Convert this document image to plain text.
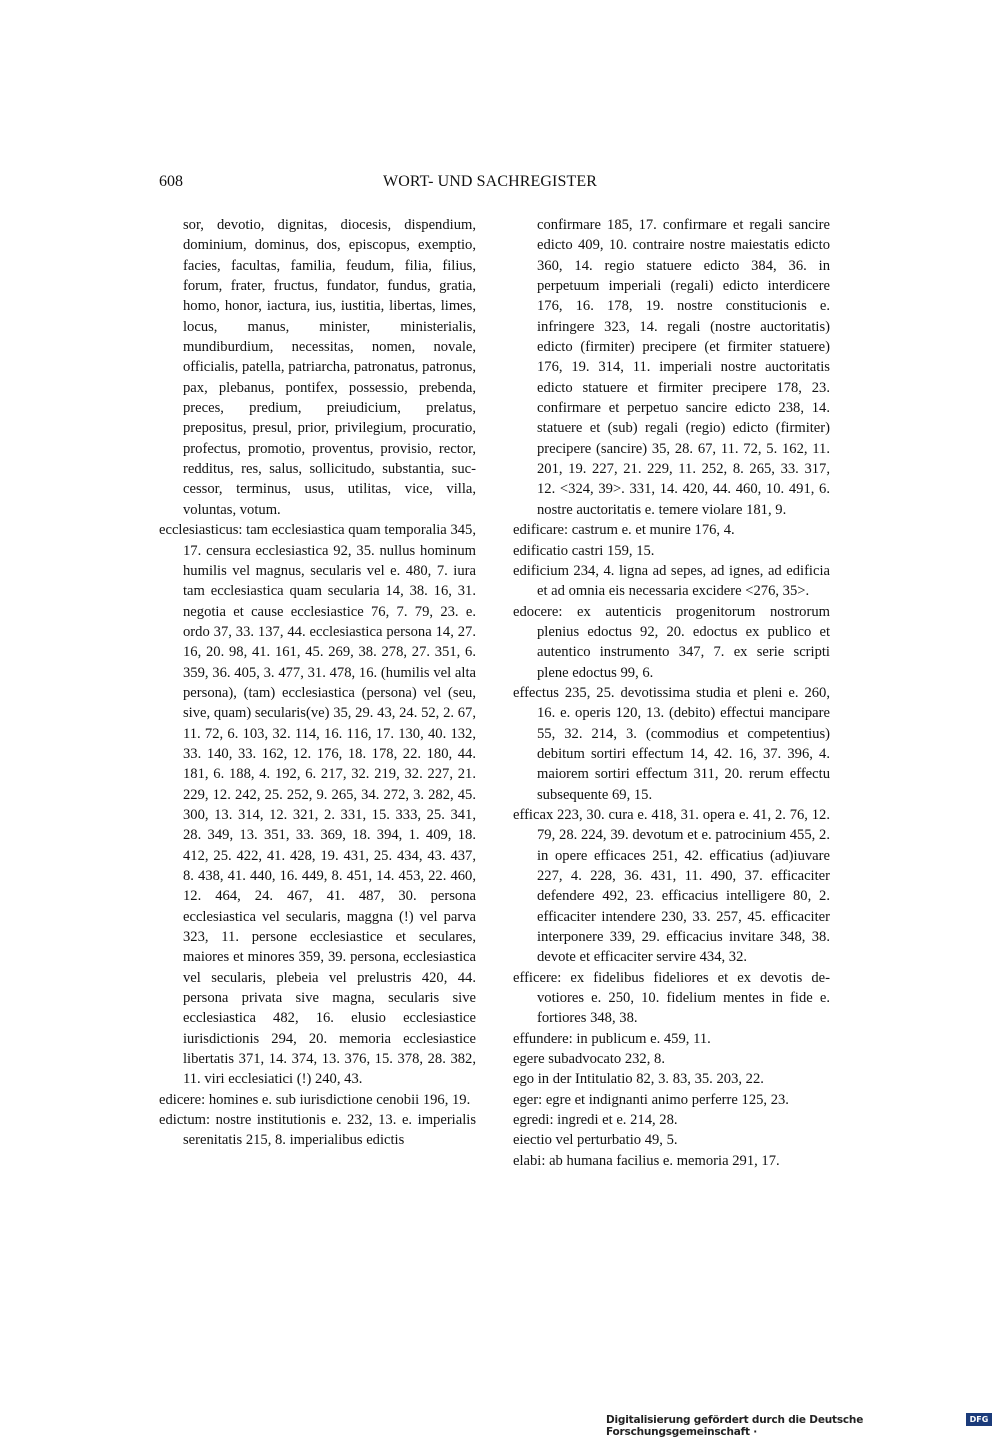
608	WORT- UND SACHREGISTER

sor, devotio, dignitas, diocesis, dispendium, dominium, dominus, dos, episcopus, exemptio, facies, facultas, familia, feudum, filia, filius, forum, frater, fructus, fundator, fundus, gratia, homo, honor, iactura, ius, iustitia, libertas, limes, locus, manus, minister, ministerialis, mundiburdium, necessitas, nomen, novale, officialis, patella, patriarcha, patronatus, patronus, pax, plebanus, pontifex, possessio, prebenda, preces, predium, preiudicium, prelatus, prepositus, presul, prior, privilegium, procuratio, profectus, promotio, proventus, provisio, rector, redditus, res, salus, sollicitudo, substantia, successor, terminus, usus, utilitas, vice, villa, voluntas, votum.

ecclesiasticus: tam ecclesiastica quam temporalia 345, 17. censura ecclesiastica 92, 35. nullus hominum humilis vel magnus, secularis vel e. 480, 7. iura tam ecclesiastica quam secularia 14, 38. 16, 31. negotia et cause ecclesiastice 76, 7. 79, 23. e. ordo 37, 33. 137, 44. ecclesiastica persona 14, 27. 16, 20. 98, 41. 161, 45. 269, 38. 278, 27. 351, 6. 359, 36. 405, 3. 477, 31. 478, 16. (humilis vel alta persona), (tam) ecclesiastica (persona) vel (seu, sive, quam) secularis(ve) 35, 29. 43, 24. 52, 2. 67, 11. 72, 6. 103, 32. 114, 16. 116, 17. 130, 40. 132, 33. 140, 33. 162, 12. 176, 18. 178, 22. 180, 44. 181, 6. 188, 4. 192, 6. 217, 32. 219, 32. 227, 21. 229, 12. 242, 25. 252, 9. 265, 34. 272, 3. 282, 45. 300, 13. 314, 12. 321, 2. 331, 15. 333, 25. 341, 28. 349, 13. 351, 33. 369, 18. 394, 1. 409, 18. 412, 25. 422, 41. 428, 19. 431, 25. 434, 43. 437, 8. 438, 41. 440, 16. 449, 8. 451, 14. 453, 22. 460, 12. 464, 24. 467, 41. 487, 30. persona ecclesiastica vel secularis, maggna (!) vel parva 323, 11. persone ecclesiastice et seculares, maiores et minores 359, 39. persona, ecclesiastica vel secularis, plebeia vel prelustris 420, 44. persona privata sive magna, secularis sive ecclesiastica 482, 16. elusio ecclesiastice iurisdictionis 294, 20. memoria ecclesiastice libertatis 371, 14. 374, 13. 376, 15. 378, 28. 382, 11. viri ecclesiatici (!) 240, 43.

edicere: homines e. sub iurisdictione cenobii 196, 19.

edictum: nostre institutionis e. 232, 13. e. imperialis serenitatis 215, 8. imperialibus edictis

confirmare 185, 17. confirmare et regali sancire edicto 409, 10. contraire nostre maiestatis edicto 360, 14. regio statuere edicto 384, 36. in perpetuum imperiali (regali) edicto interdicere 176, 16. 178, 19. nostre constitucionis e. infringere 323, 14. regali (nostre auctoritatis) edicto (firmiter) precipere (et firmiter statuere) 176, 19. 314, 11. imperiali nostre auctoritatis edicto statuere et firmiter precipere 178, 23. confirmare et perpetuo sancire edicto 238, 14. statuere et (sub) regali (regio) edicto (firmiter) precipere (sancire) 35, 28. 67, 11. 72, 5. 162, 11. 201, 19. 227, 21. 229, 11. 252, 8. 265, 33. 317, 12. <324, 39>. 331, 14. 420, 44. 460, 10. 491, 6. nostre auctoritatis e. temere violare 181, 9.

edificare: castrum e. et munire 176, 4.

edificatio castri 159, 15.

edificium 234, 4. ligna ad sepes, ad ignes, ad edificia et ad omnia eis necessaria excidere <276, 35>.

edocere: ex autenticis progenitorum nostrorum plenius edoctus 92, 20. edoctus ex publico et autentico instrumento 347, 7. ex serie scripti plene edoctus 99, 6.

effectus 235, 25. devotissima studia et pleni e. 260, 16. e. operis 120, 13. (debito) effectui mancipare 55, 32. 214, 3. (commodius et competentius) debitum sortiri effectum 14, 42. 16, 37. 396, 4. maiorem sortiri effectum 311, 20. rerum effectu subsequente 69, 15.

efficax 223, 30. cura e. 418, 31. opera e. 41, 2. 76, 12. 79, 28. 224, 39. devotum et e. patrocinium 455, 2. in opere efficaces 251, 42. efficatius (ad)iuvare 227, 4. 228, 36. 431, 11. 490, 37. efficaciter defendere 492, 23. efficacius intelligere 80, 2. efficaciter intendere 230, 33. 257, 45. efficaciter interponere 339, 29. efficacius invitare 348, 38. devote et efficaciter servire 434, 32.

efficere: ex fidelibus fideliores et ex devotis devotiores e. 250, 10. fidelium mentes in fide e. fortiores 348, 38.

effundere: in publicum e. 459, 11.

egere subadvocato 232, 8.

ego in der Intitulatio 82, 3. 83, 35. 203, 22.

eger: egre et indignanti animo perferre 125, 23.

egredi: ingredi et e. 214, 28.

eiectio vel perturbatio 49, 5.

elabi: ab humana facilius e. memoria 291, 17.

Digitalisierung gefördert durch die Deutsche Forschungsgemeinschaft ·
DFG
